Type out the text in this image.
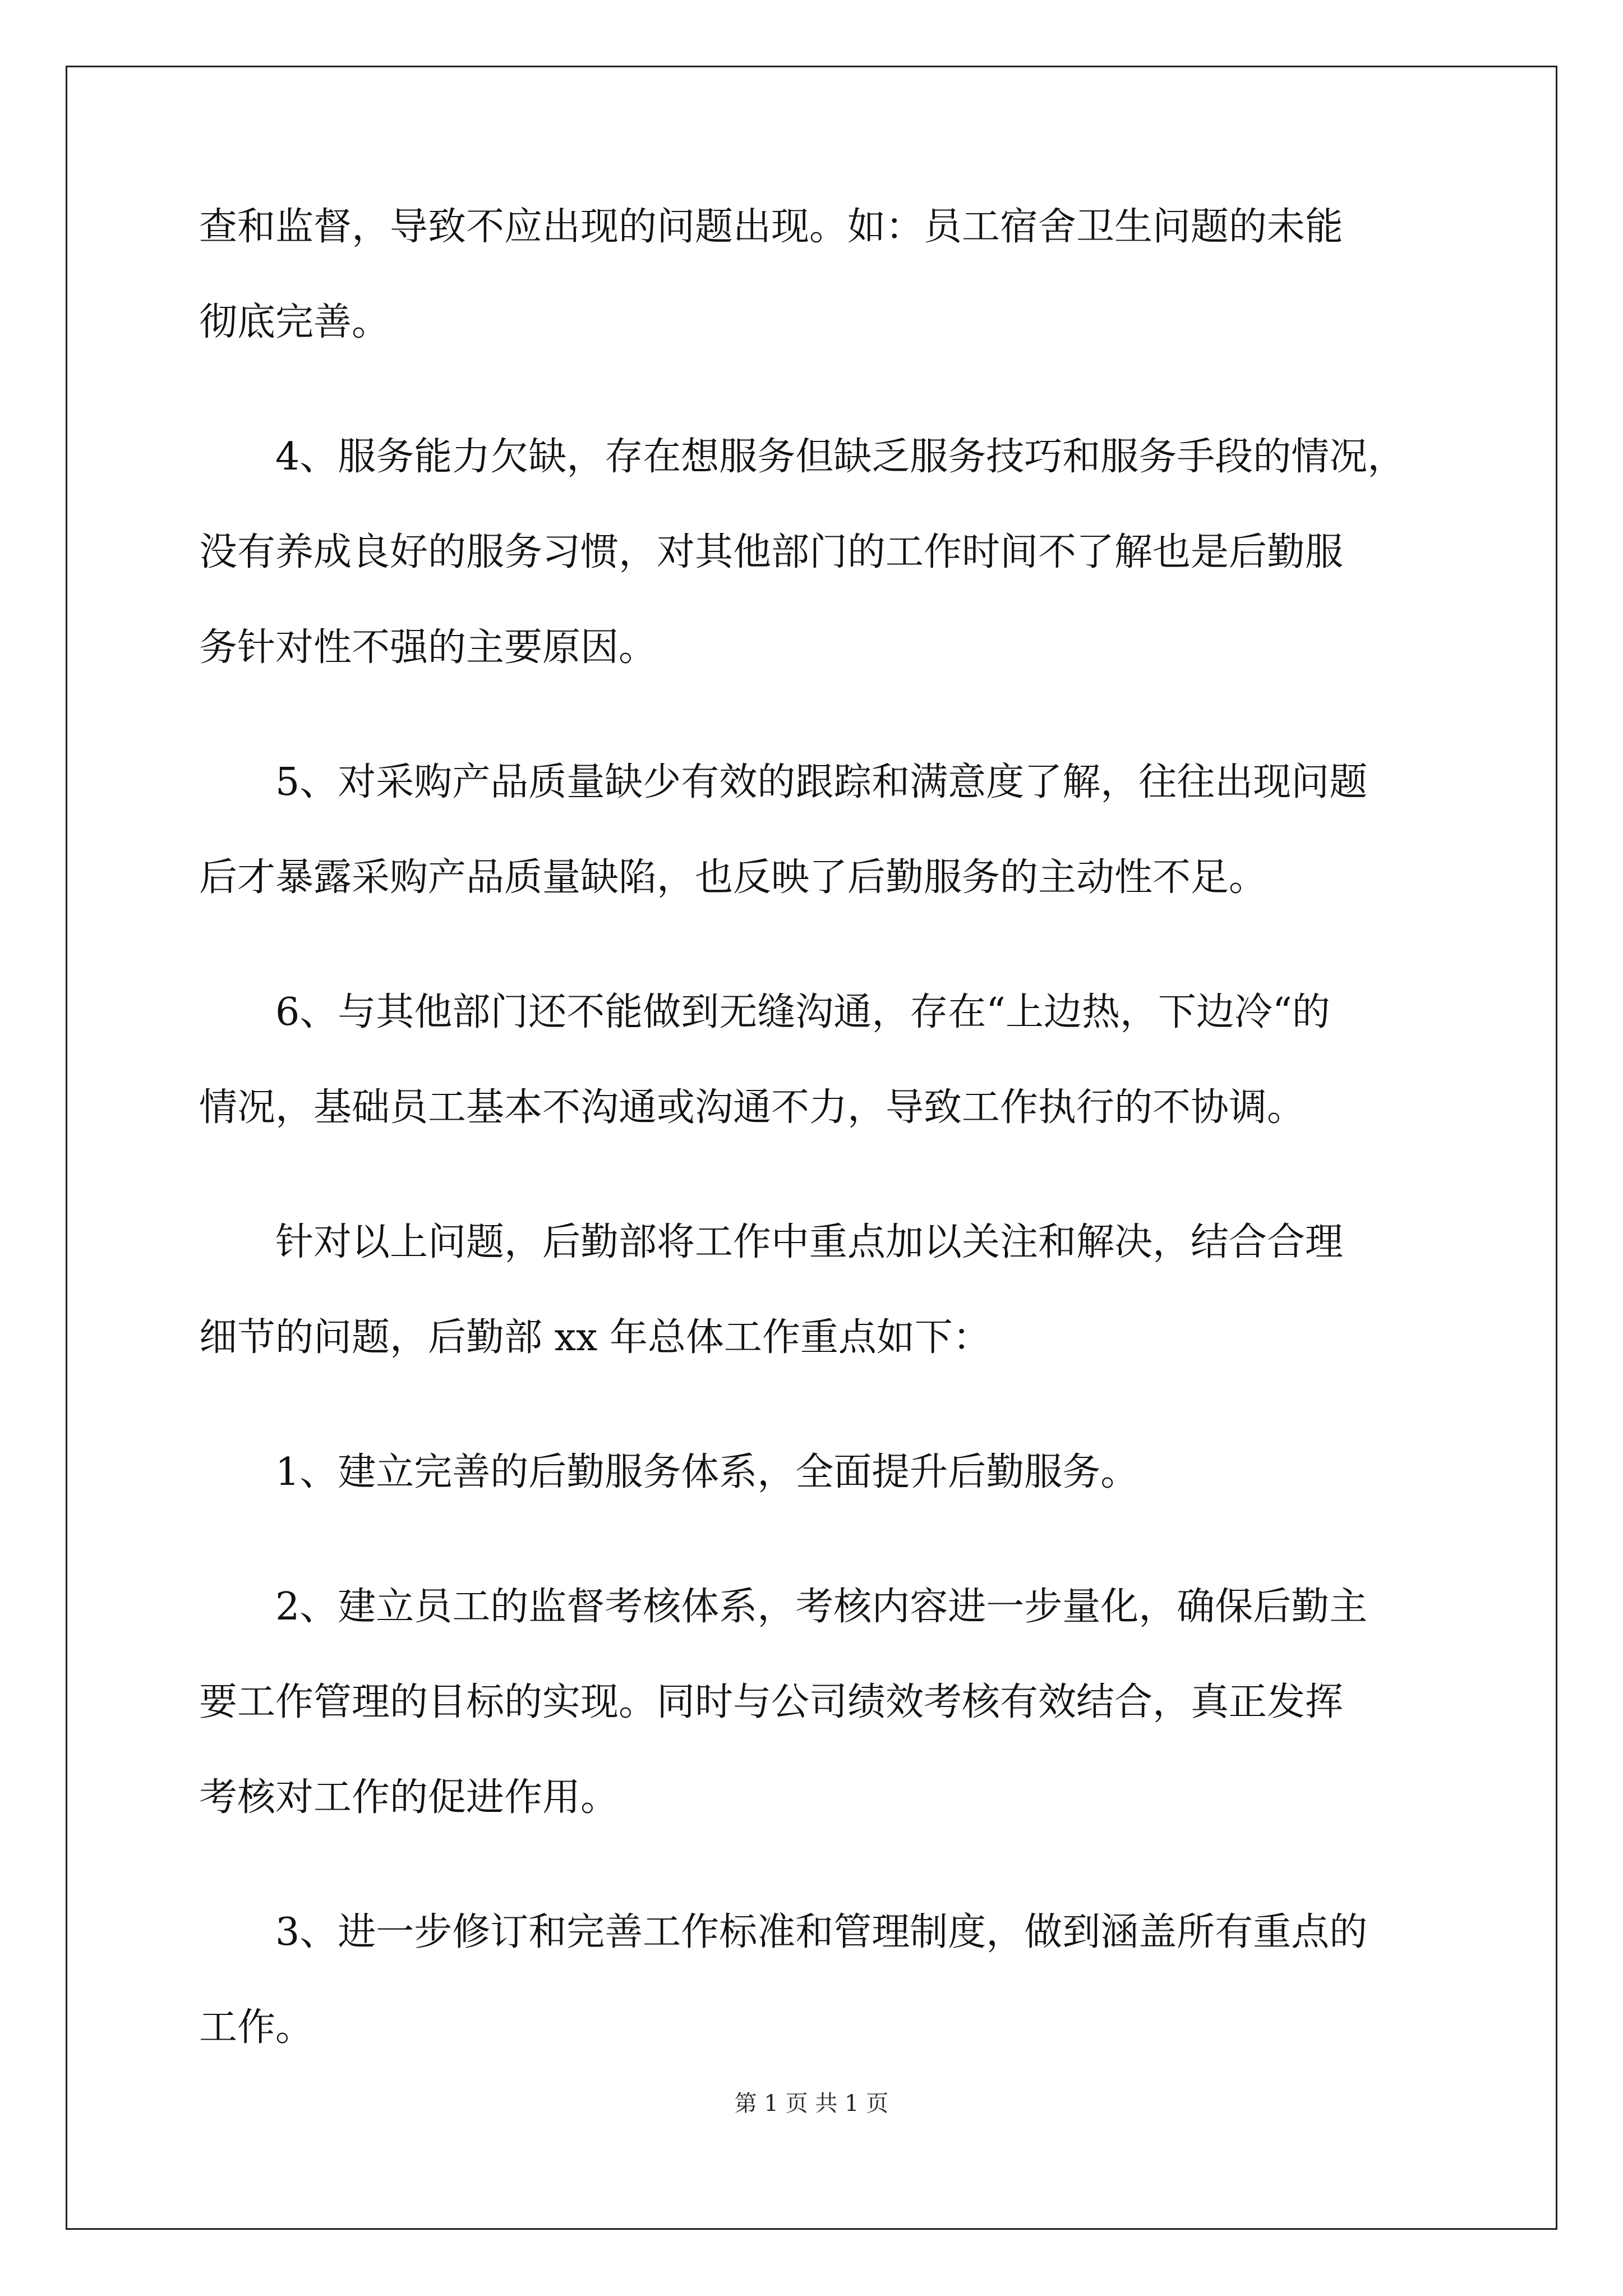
查和监督，导致不应出现的问题出现。如：员工宿舍卫生问题的未能
彻底完善。
4、服务能力欠缺，存在想服务但缺乏服务技巧和服务手段的情况，
没有养成良好的服务习惯，对其他部门的工作时间不了解也是后勤服
务针对性不强的主要原因。
5、对采购产品质量缺少有效的跟踪和满意度了解，往往出现问题
后才暴露采购产品质量缺陷，也反映了后勤服务的主动性不足。
6、与其他部门还不能做到无缝沟通，存在“上边热，下边冷“的
情况，基础员工基本不沟通或沟通不力，导致工作执行的不协调。
针对以上问题，后勤部将工作中重点加以关注和解决，结合合理
细节的问题，后勤部 xx 年总体工作重点如下：
1、建立完善的后勤服务体系，全面提升后勤服务。
2、建立员工的监督考核体系，考核内容进一步量化，确保后勤主
要工作管理的目标的实现。同时与公司绩效考核有效结合，真正发挥
考核对工作的促进作用。
3、进一步修订和完善工作标准和管理制度，做到涵盖所有重点的
工作。
第 1 页 共 1 页
